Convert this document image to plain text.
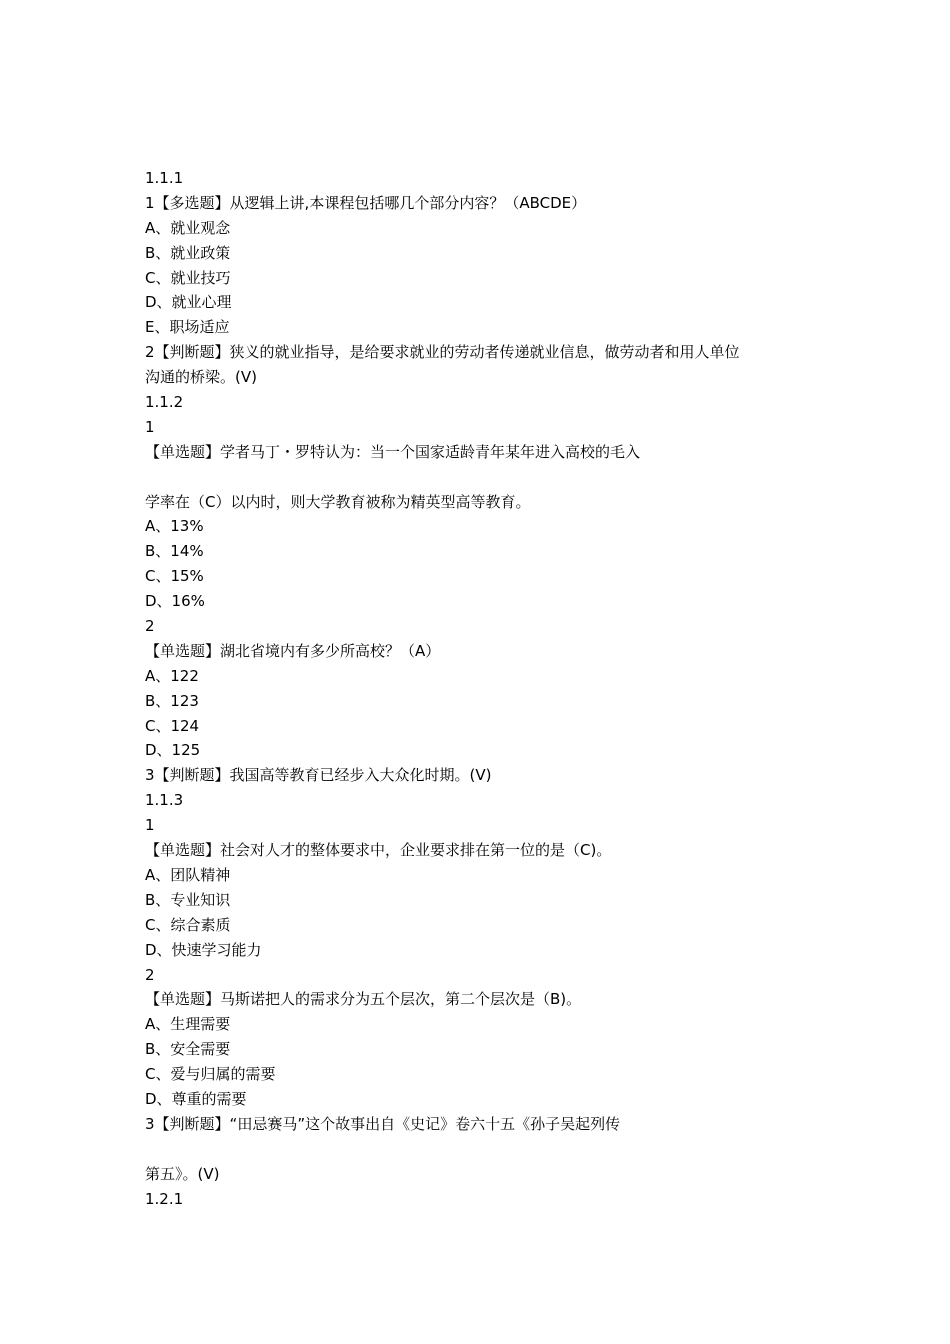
1.1.1
1【多选题】从逻辑上讲,本课程包括哪几个部分内容？（ABCDE）
A、就业观念
B、就业政策
C、就业技巧
D、就业心理
E、职场适应
2【判断题】狭义的就业指导，是给要求就业的劳动者传递就业信息，做劳动者和用人单位
沟通的桥梁。(V)
1.1.2
1
【单选题】学者马丁・罗特认为：当一个国家适龄青年某年进入高校的毛入
学率在（C）以内时，则大学教育被称为精英型高等教育。
A、13%
B、14%
C、15%
D、16%
2
【单选题】湖北省境内有多少所高校？（A）
A、122
B、123
C、124
D、125
3【判断题】我国高等教育已经步入大众化时期。(V)
1.1.3
1
【单选题】社会对人才的整体要求中，企业要求排在第一位的是（C)。
A、团队精神
B、专业知识
C、综合素质
D、快速学习能力
2
【单选题】马斯诺把人的需求分为五个层次，第二个层次是（B)。
A、生理需要
B、安全需要
C、爱与归属的需要
D、尊重的需要
3【判断题】“田忌赛马”这个故事出自《史记》卷六十五《孙子吴起列传
第五》。(V)
1.2.1
